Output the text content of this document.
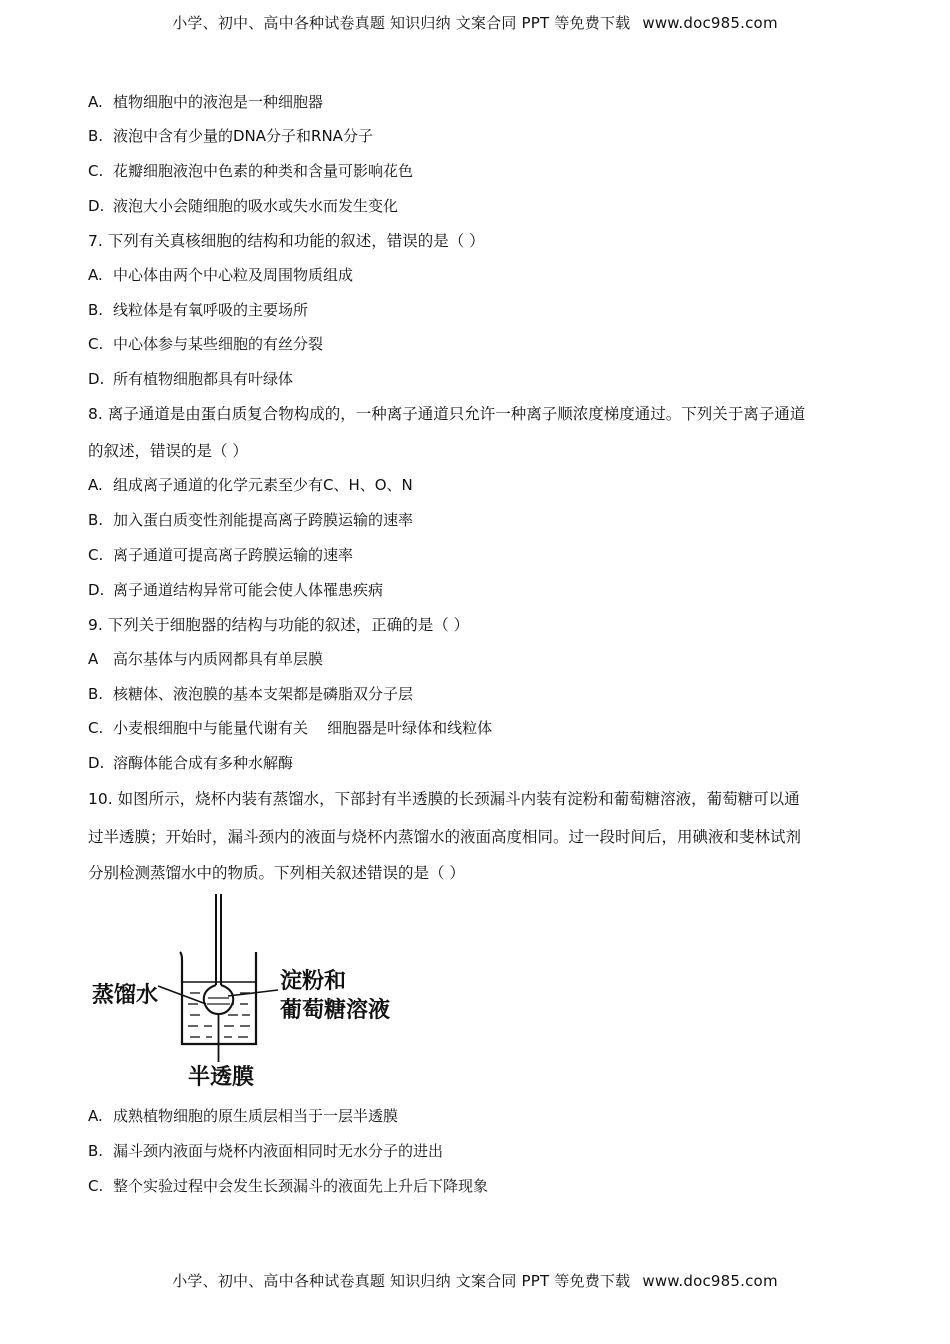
小学、初中、高中各种试卷真题 知识归纳 文案合同 PPT 等免费下载 www.doc985.com
A. 植物细胞中的液泡是一种细胞器
B. 液泡中含有少量的DNA分子和RNA分子
C. 花瓣细胞液泡中色素的种类和含量可影响花色
D. 液泡大小会随细胞的吸水或失水而发生变化
7. 下列有关真核细胞的结构和功能的叙述，错误的是（ ）
A. 中心体由两个中心粒及周围物质组成
B. 线粒体是有氧呼吸的主要场所
C. 中心体参与某些细胞的有丝分裂
D. 所有植物细胞都具有叶绿体
8. 离子通道是由蛋白质复合物构成的，一种离子通道只允许一种离子顺浓度梯度通过。下列关于离子通道
的叙述，错误的是（ ）
A. 组成离子通道的化学元素至少有C、H、O、N
B. 加入蛋白质变性剂能提高离子跨膜运输的速率
C. 离子通道可提高离子跨膜运输的速率
D. 离子通道结构异常可能会使人体罹患疾病
9. 下列关于细胞器的结构与功能的叙述，正确的是（ ）
A 高尔基体与内质网都具有单层膜
B. 核糖体、液泡膜的基本支架都是磷脂双分子层
C. 小麦根细胞中与能量代谢有关    细胞器是叶绿体和线粒体
D. 溶酶体能合成有多种水解酶
10. 如图所示，烧杯内装有蒸馏水，下部封有半透膜的长颈漏斗内装有淀粉和葡萄糖溶液，葡萄糖可以通
过半透膜；开始时，漏斗颈内的液面与烧杯内蒸馏水的液面高度相同。过一段时间后，用碘液和斐林试剂
分别检测蒸馏水中的物质。下列相关叙述错误的是（ ）
蒸馏水
淀粉和
葡萄糖溶液
半透膜
A. 成熟植物细胞的原生质层相当于一层半透膜
B. 漏斗颈内液面与烧杯内液面相同时无水分子的进出
C. 整个实验过程中会发生长颈漏斗的液面先上升后下降现象
小学、初中、高中各种试卷真题 知识归纳 文案合同 PPT 等免费下载 www.doc985.com
